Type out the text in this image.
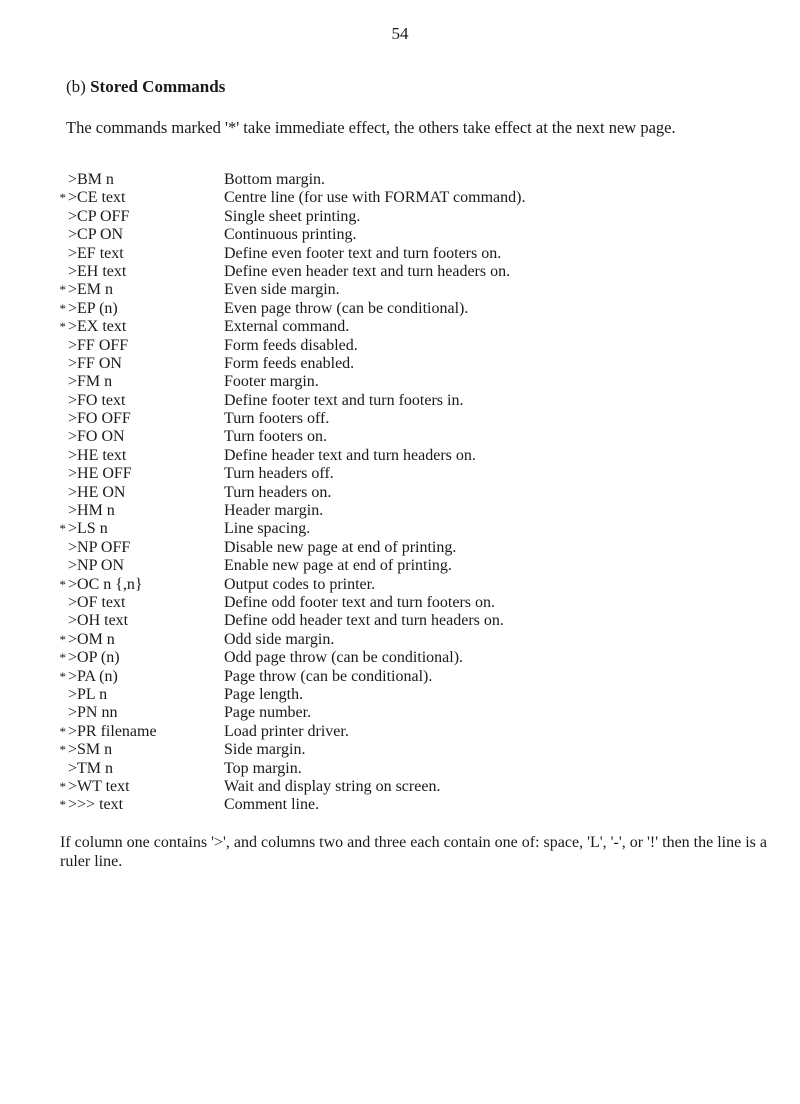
54
(b) Stored Commands
The commands marked '*' take immediate effect, the others take effect at the next new page.
>BM n	Bottom margin.
* >CE text	Centre line (for use with FORMAT command).
>CP OFF	Single sheet printing.
>CP ON	Continuous printing.
>EF text	Define even footer text and turn footers on.
>EH text	Define even header text and turn headers on.
* >EM n	Even side margin.
* >EP (n)	Even page throw (can be conditional).
* >EX text	External command.
>FF OFF	Form feeds disabled.
>FF ON	Form feeds enabled.
>FM n	Footer margin.
>FO text	Define footer text and turn footers in.
>FO OFF	Turn footers off.
>FO ON	Turn footers on.
>HE text	Define header text and turn headers on.
>HE OFF	Turn headers off.
>HE ON	Turn headers on.
>HM n	Header margin.
* >LS n	Line spacing.
>NP OFF	Disable new page at end of printing.
>NP ON	Enable new page at end of printing.
* >OC n {,n}	Output codes to printer.
>OF text	Define odd footer text and turn footers on.
>OH text	Define odd header text and turn headers on.
* >OM n	Odd side margin.
* >OP (n)	Odd page throw (can be conditional).
* >PA (n)	Page throw (can be conditional).
>PL n	Page length.
>PN nn	Page number.
* >PR filename	Load printer driver.
* >SM n	Side margin.
>TM n	Top margin.
* >WT text	Wait and display string on screen.
* >>> text	Comment line.
If column one contains '>', and columns two and three each contain one of: space, 'L', '-', or '!' then the line is a ruler line.
